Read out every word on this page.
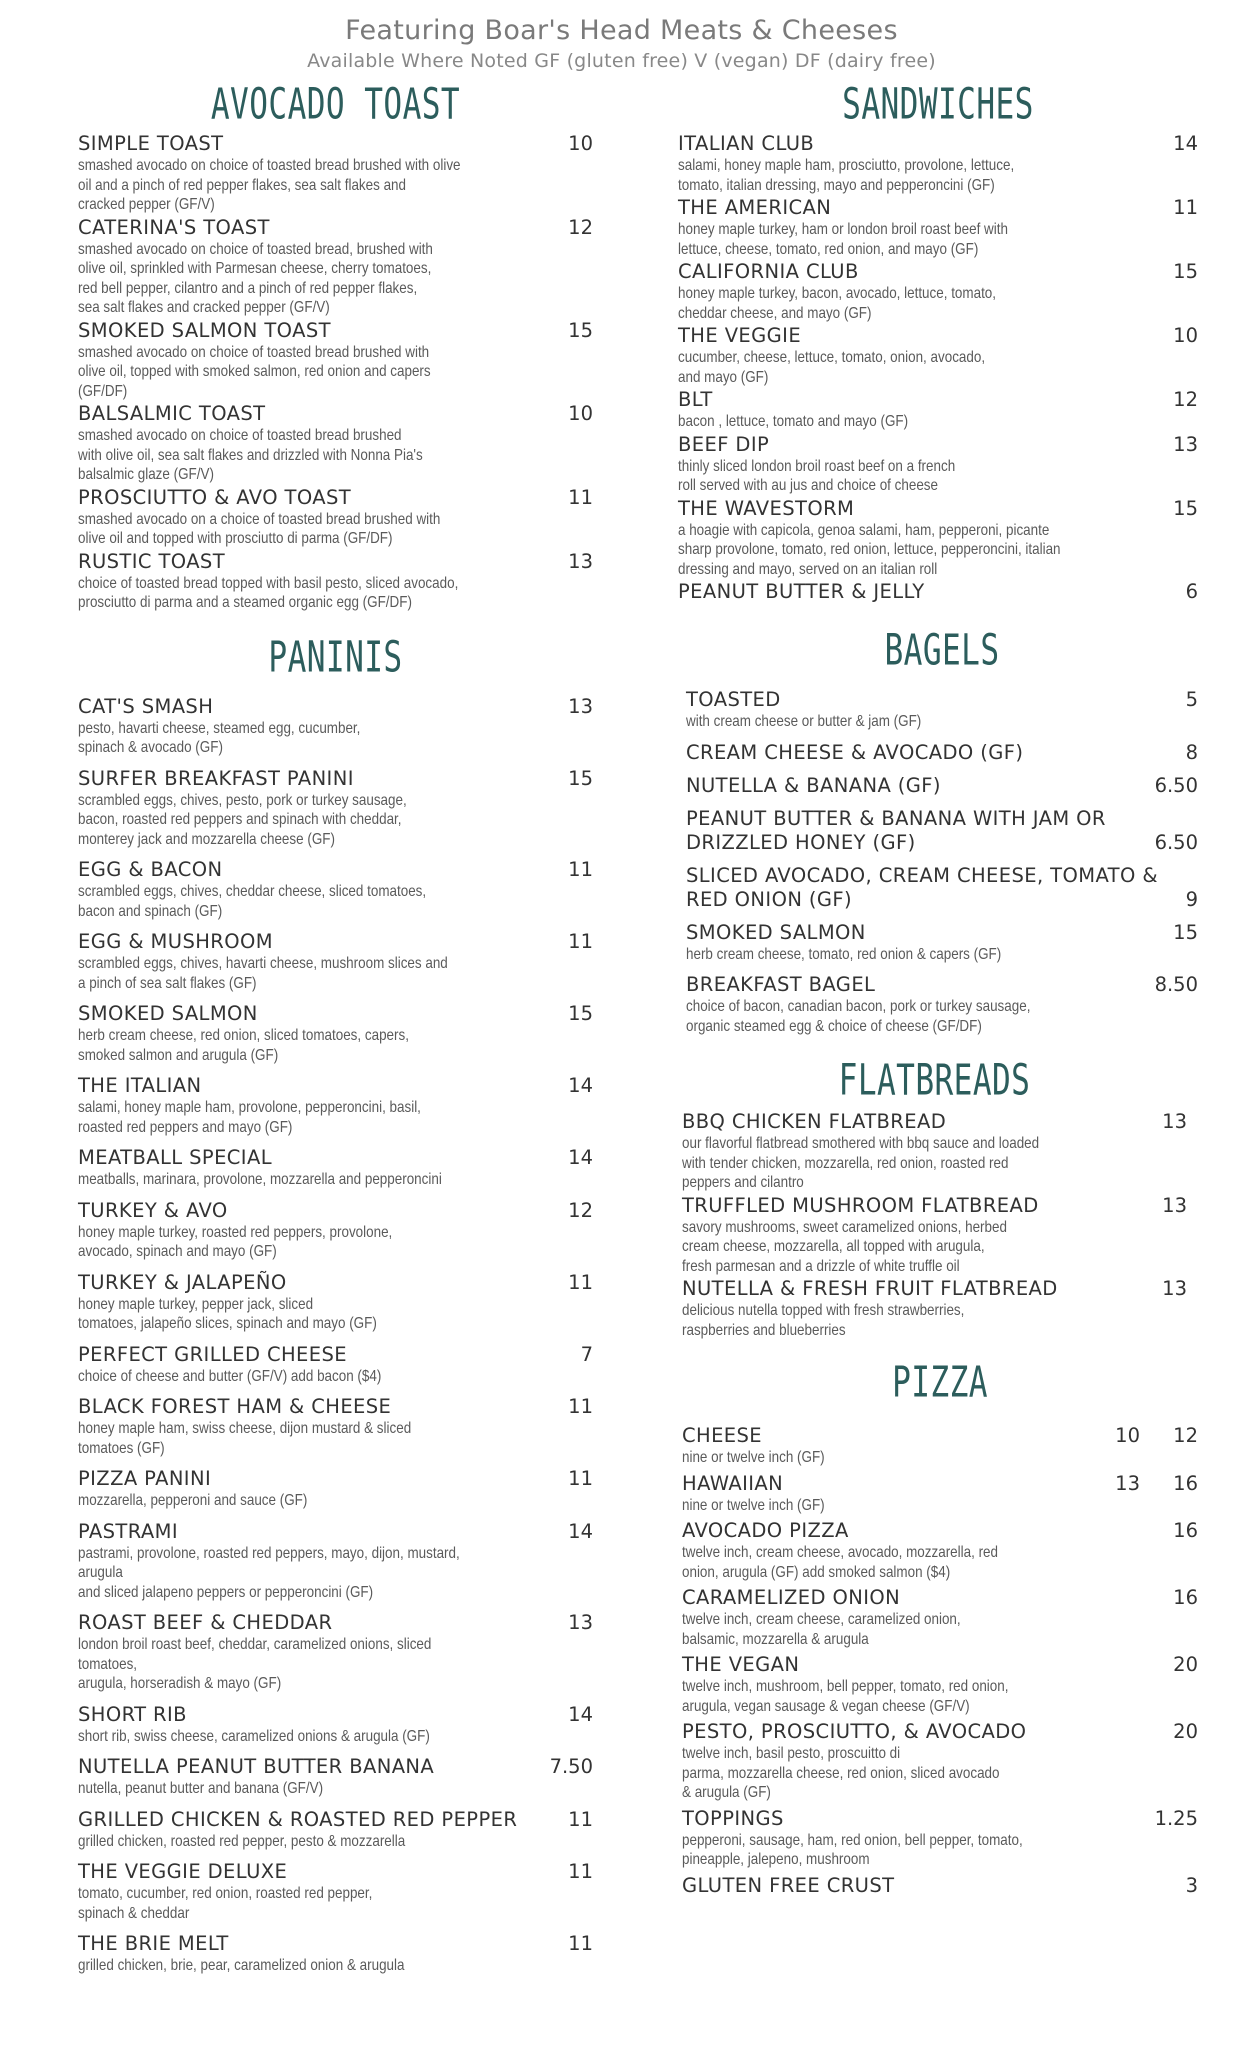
Featuring Boar's Head Meats & Cheeses
Available Where Noted GF (gluten free) V (vegan) DF (dairy free)
AVOCADO TOAST
SIMPLE TOAST	10
smashed avocado on choice of toasted bread brushed with olive
oil and a pinch of red pepper flakes, sea salt flakes and
cracked pepper (GF/V)
CATERINA'S TOAST	12
smashed avocado on choice of toasted bread, brushed with
olive oil, sprinkled with Parmesan cheese, cherry tomatoes,
red bell pepper, cilantro and a pinch of red pepper flakes,
sea salt flakes and cracked pepper (GF/V)
SMOKED SALMON TOAST	15
smashed avocado on choice of toasted bread brushed with
olive oil, topped with smoked salmon, red onion and capers (GF/DF)
BALSALMIC TOAST	10
smashed avocado on choice of toasted bread brushed
with olive oil, sea salt flakes and drizzled with Nonna Pia's
balsalmic glaze (GF/V)
PROSCIUTTO & AVO TOAST	11
smashed avocado on a choice of toasted bread brushed with
olive oil and topped with prosciutto di parma (GF/DF)
RUSTIC TOAST	13
choice of toasted bread topped with basil pesto, sliced avocado,
prosciutto di parma and a steamed organic egg (GF/DF)
PANINIS
CAT'S SMASH	13
pesto, havarti cheese, steamed egg, cucumber,
spinach & avocado (GF)
SURFER BREAKFAST PANINI	15
scrambled eggs, chives, pesto, pork or turkey sausage,
bacon, roasted red peppers and spinach with cheddar,
monterey jack and mozzarella cheese (GF)
EGG & BACON	11
scrambled eggs, chives, cheddar cheese, sliced tomatoes,
bacon and spinach (GF)
EGG & MUSHROOM	11
scrambled eggs, chives, havarti cheese, mushroom slices and
a pinch of sea salt flakes (GF)
SMOKED SALMON	15
herb cream cheese, red onion, sliced tomatoes, capers,
smoked salmon and arugula (GF)
THE ITALIAN	14
salami, honey maple ham, provolone, pepperoncini, basil,
roasted red peppers and mayo (GF)
MEATBALL SPECIAL	14
meatballs, marinara, provolone, mozzarella and pepperoncini
TURKEY & AVO	12
honey maple turkey, roasted red peppers, provolone,
avocado, spinach and mayo (GF)
TURKEY & JALAPEÑO	11
honey maple turkey, pepper jack, sliced
tomatoes, jalapeño slices, spinach and mayo (GF)
PERFECT GRILLED CHEESE	7
choice of cheese and butter (GF/V) add bacon ($4)
BLACK FOREST HAM & CHEESE	11
honey maple ham, swiss cheese, dijon mustard & sliced
tomatoes (GF)
PIZZA PANINI	11
mozzarella, pepperoni and sauce (GF)
PASTRAMI	14
pastrami, provolone, roasted red peppers, mayo, dijon, mustard, arugula
and sliced jalapeno peppers or pepperoncini (GF)
ROAST BEEF & CHEDDAR	13
london broil roast beef, cheddar, caramelized onions, sliced tomatoes,
arugula, horseradish & mayo (GF)
SHORT RIB	14
short rib, swiss cheese, caramelized onions & arugula (GF)
NUTELLA PEANUT BUTTER BANANA	7.50
nutella, peanut butter and banana (GF/V)
GRILLED CHICKEN & ROASTED RED PEPPER	11
grilled chicken, roasted red pepper, pesto & mozzarella
THE VEGGIE DELUXE	11
tomato, cucumber, red onion, roasted red pepper,
spinach & cheddar
THE BRIE MELT	11
grilled chicken, brie, pear, caramelized onion & arugula
SANDWICHES
ITALIAN CLUB	14
salami, honey maple ham, prosciutto, provolone, lettuce,
tomato, italian dressing, mayo and pepperoncini (GF)
THE AMERICAN	11
honey maple turkey, ham or london broil roast beef with
lettuce, cheese, tomato, red onion, and mayo (GF)
CALIFORNIA CLUB	15
honey maple turkey, bacon, avocado, lettuce, tomato,
cheddar cheese, and mayo (GF)
THE VEGGIE	10
cucumber, cheese, lettuce, tomato, onion, avocado,
and mayo (GF)
BLT	12
bacon , lettuce, tomato and mayo (GF)
BEEF DIP	13
thinly sliced london broil roast beef on a french
roll served with au jus and choice of cheese
THE WAVESTORM	15
a hoagie with capicola, genoa salami, ham, pepperoni, picante
sharp provolone, tomato, red onion, lettuce, pepperoncini, italian
dressing and mayo, served on an italian roll
PEANUT BUTTER & JELLY	6
BAGELS
TOASTED	5
with cream cheese or butter & jam (GF)
CREAM CHEESE & AVOCADO (GF)	8
NUTELLA & BANANA (GF)	6.50
PEANUT BUTTER & BANANA WITH JAM OR
DRIZZLED HONEY (GF)	6.50
SLICED AVOCADO, CREAM CHEESE, TOMATO &
RED ONION (GF)	9
SMOKED SALMON	15
herb cream cheese, tomato, red onion & capers (GF)
BREAKFAST BAGEL	8.50
choice of bacon, canadian bacon, pork or turkey sausage,
organic steamed egg & choice of cheese (GF/DF)
FLATBREADS
BBQ CHICKEN FLATBREAD	13
our flavorful flatbread smothered with bbq sauce and loaded
with tender chicken, mozzarella, red onion, roasted red
peppers and cilantro
TRUFFLED MUSHROOM FLATBREAD	13
savory mushrooms, sweet caramelized onions, herbed
cream cheese, mozzarella, all topped with arugula,
fresh parmesan and a drizzle of white truffle oil
NUTELLA & FRESH FRUIT FLATBREAD	13
delicious nutella topped with fresh strawberries,
raspberries and blueberries
PIZZA
CHEESE	10	12
nine or twelve inch (GF)
HAWAIIAN	13	16
nine or twelve inch (GF)
AVOCADO PIZZA	16
twelve inch, cream cheese, avocado, mozzarella, red
onion, arugula (GF) add smoked salmon ($4)
CARAMELIZED ONION	16
twelve inch, cream cheese, caramelized onion,
balsamic, mozzarella & arugula
THE VEGAN	20
twelve inch, mushroom, bell pepper, tomato, red onion,
arugula, vegan sausage & vegan cheese (GF/V)
PESTO, PROSCIUTTO, & AVOCADO	20
twelve inch, basil pesto, proscuitto di
parma, mozzarella cheese, red onion, sliced avocado
& arugula (GF)
TOPPINGS	1.25
pepperoni, sausage, ham, red onion, bell pepper, tomato,
pineapple, jalepeno, mushroom
GLUTEN FREE CRUST	3
